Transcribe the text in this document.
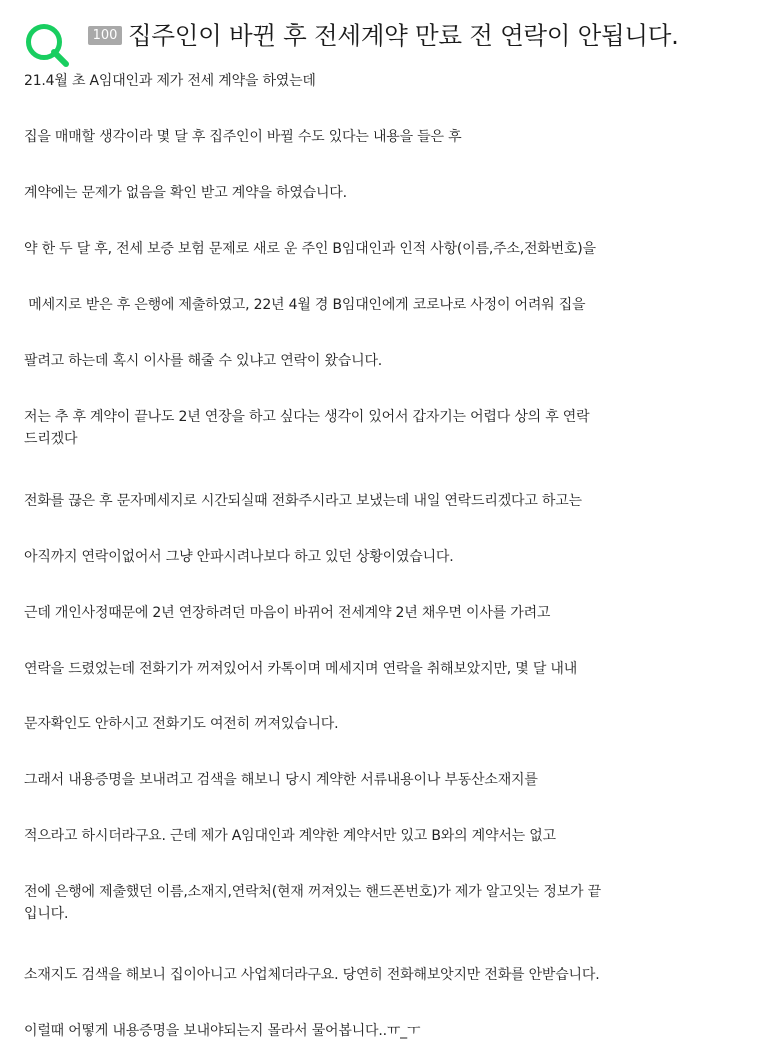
100 집주인이 바뀐 후 전세계약 만료 전 연락이 안됩니다.
21.4월 초 A임대인과 제가 전세 계약을 하였는데
집을 매매할 생각이라 몇 달 후 집주인이 바뀔 수도 있다는 내용을 들은 후
계약에는 문제가 없음을 확인 받고 계약을 하였습니다.
약 한 두 달 후, 전세 보증 보험 문제로 새로 운 주인 B임대인과 인적 사항(이름,주소,전화번호)을
메세지로 받은 후 은행에 제출하였고, 22년 4월 경 B임대인에게 코로나로 사정이 어려워 집을
팔려고 하는데 혹시 이사를 해줄 수 있냐고 연락이 왔습니다.
저는 추 후 계약이 끝나도 2년 연장을 하고 싶다는 생각이 있어서 갑자기는 어렵다 상의 후 연락
드리겠다
전화를 끊은 후 문자메세지로 시간되실때 전화주시라고 보냈는데 내일 연락드리겠다고 하고는
아직까지 연락이없어서 그냥 안파시려나보다 하고 있던 상황이였습니다.
근데 개인사정때문에 2년 연장하려던 마음이 바뀌어 전세계약 2년 채우면 이사를 가려고
연락을 드렸었는데 전화기가 꺼져있어서 카톡이며 메세지며 연락을 취해보았지만, 몇 달 내내
문자확인도 안하시고 전화기도 여전히 꺼져있습니다.
그래서 내용증명을 보내려고 검색을 해보니 당시 계약한 서류내용이나 부동산소재지를
적으라고 하시더라구요. 근데 제가 A임대인과 계약한 계약서만 있고 B와의 계약서는 없고
전에 은행에 제출했던 이름,소재지,연락처(현재 꺼져있는 핸드폰번호)가 제가 알고잇는 정보가 끝
입니다.
소재지도 검색을 해보니 집이아니고 사업체더라구요. 당연히 전화해보앗지만 전화를 안받습니다.
이럴때 어떻게 내용증명을 보내야되는지 몰라서 물어봅니다..ㅠ_ㅜ
